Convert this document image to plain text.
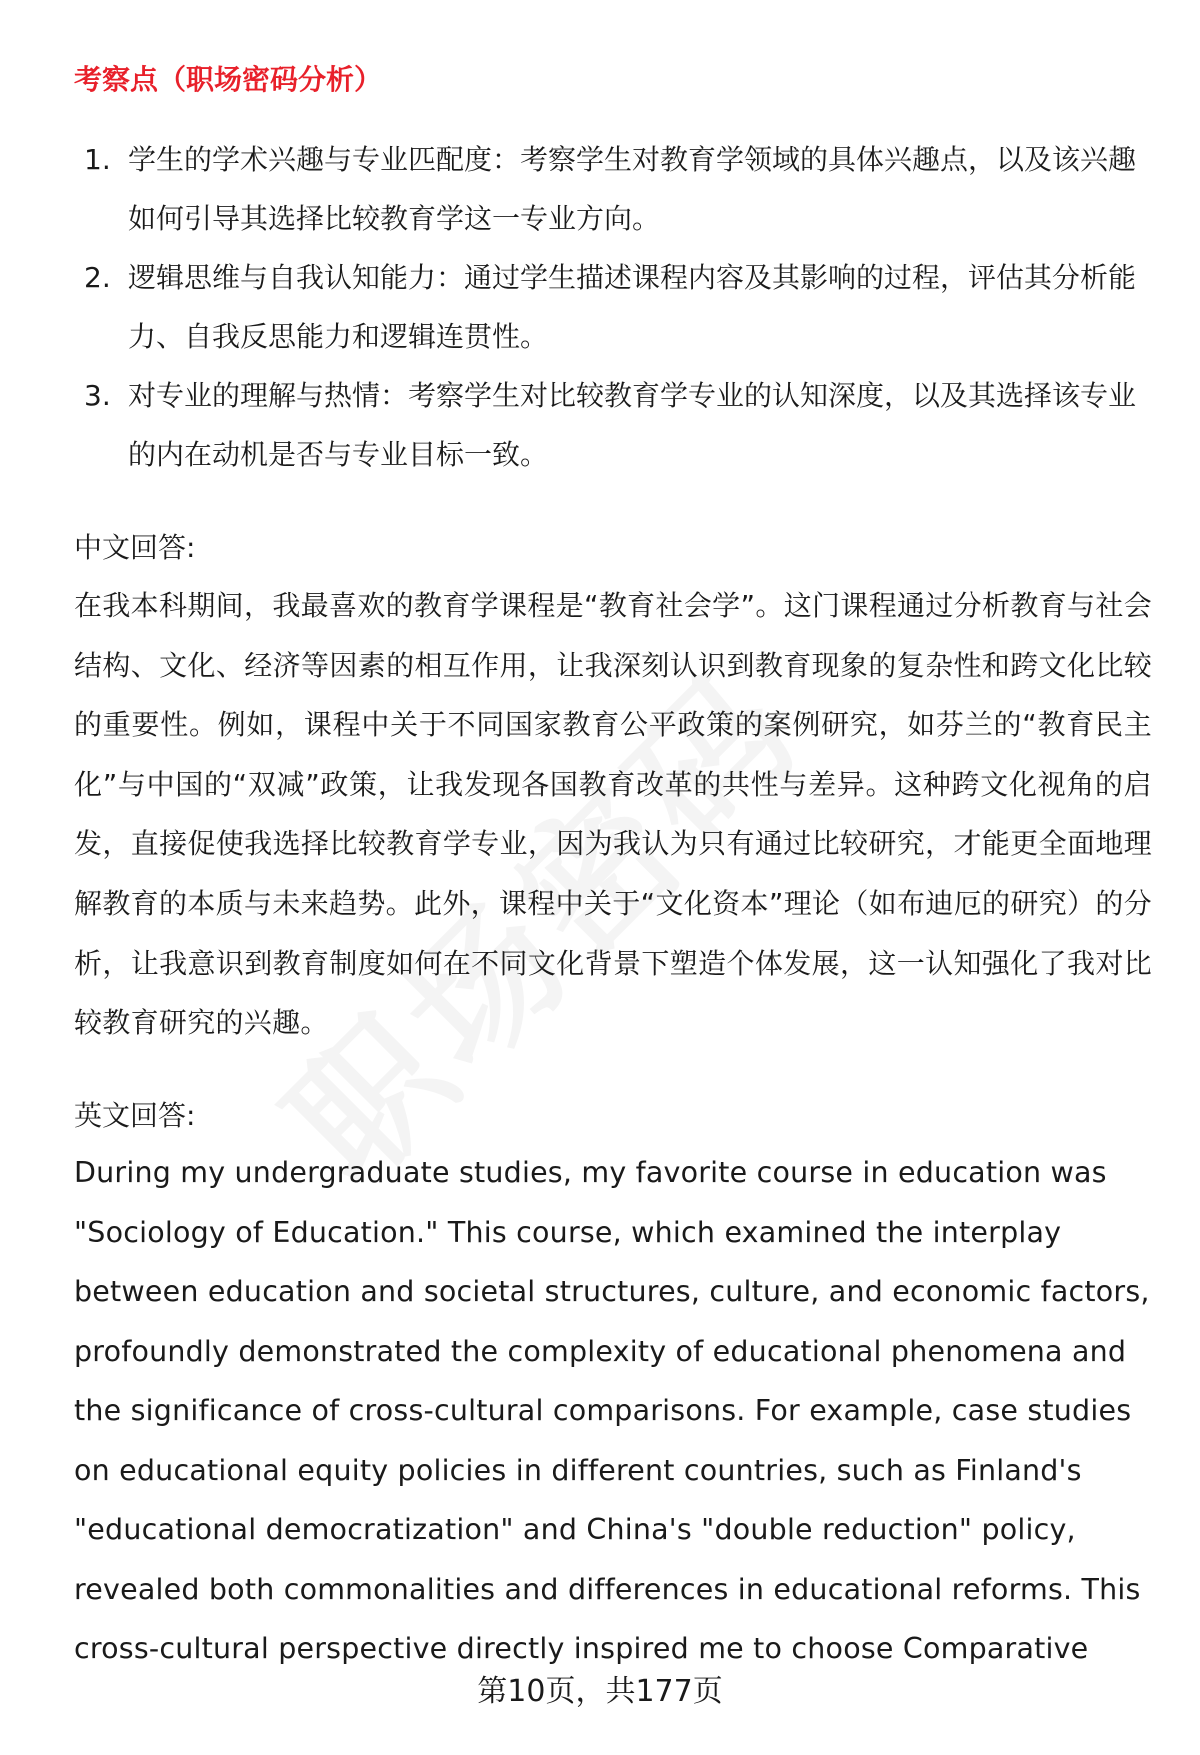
考察点（职场密码分析）
1. 学生的学术兴趣与专业匹配度：考察学生对教育学领域的具体兴趣点，以及该兴趣如何引导其选择比较教育学这一专业方向。
2. 逻辑思维与自我认知能力：通过学生描述课程内容及其影响的过程，评估其分析能力、自我反思能力和逻辑连贯性。
3. 对专业的理解与热情：考察学生对比较教育学专业的认知深度，以及其选择该专业的内在动机是否与专业目标一致。

中文回答:

在我本科期间，我最喜欢的教育学课程是“教育社会学”。这门课程通过分析教育与社会结构、文化、经济等因素的相互作用，让我深刻认识到教育现象的复杂性和跨文化比较的重要性。例如，课程中关于不同国家教育公平政策的案例研究，如芬兰的“教育民主化”与中国的“双减”政策，让我发现各国教育改革的共性与差异。这种跨文化视角的启发，直接促使我选择比较教育学专业，因为我认为只有通过比较研究，才能更全面地理解教育的本质与未来趋势。此外，课程中关于“文化资本”理论（如布迪厄的研究）的分析，让我意识到教育制度如何在不同文化背景下塑造个体发展，这一认知强化了我对比较教育研究的兴趣。

英文回答:

During my undergraduate studies, my favorite course in education was "Sociology of Education." This course, which examined the interplay between education and societal structures, culture, and economic factors, profoundly demonstrated the complexity of educational phenomena and the significance of cross-cultural comparisons. For example, case studies on educational equity policies in different countries, such as Finland's "educational democratization" and China's "double reduction" policy, revealed both commonalities and differences in educational reforms. This cross-cultural perspective directly inspired me to choose Comparative

第10页，共177页
